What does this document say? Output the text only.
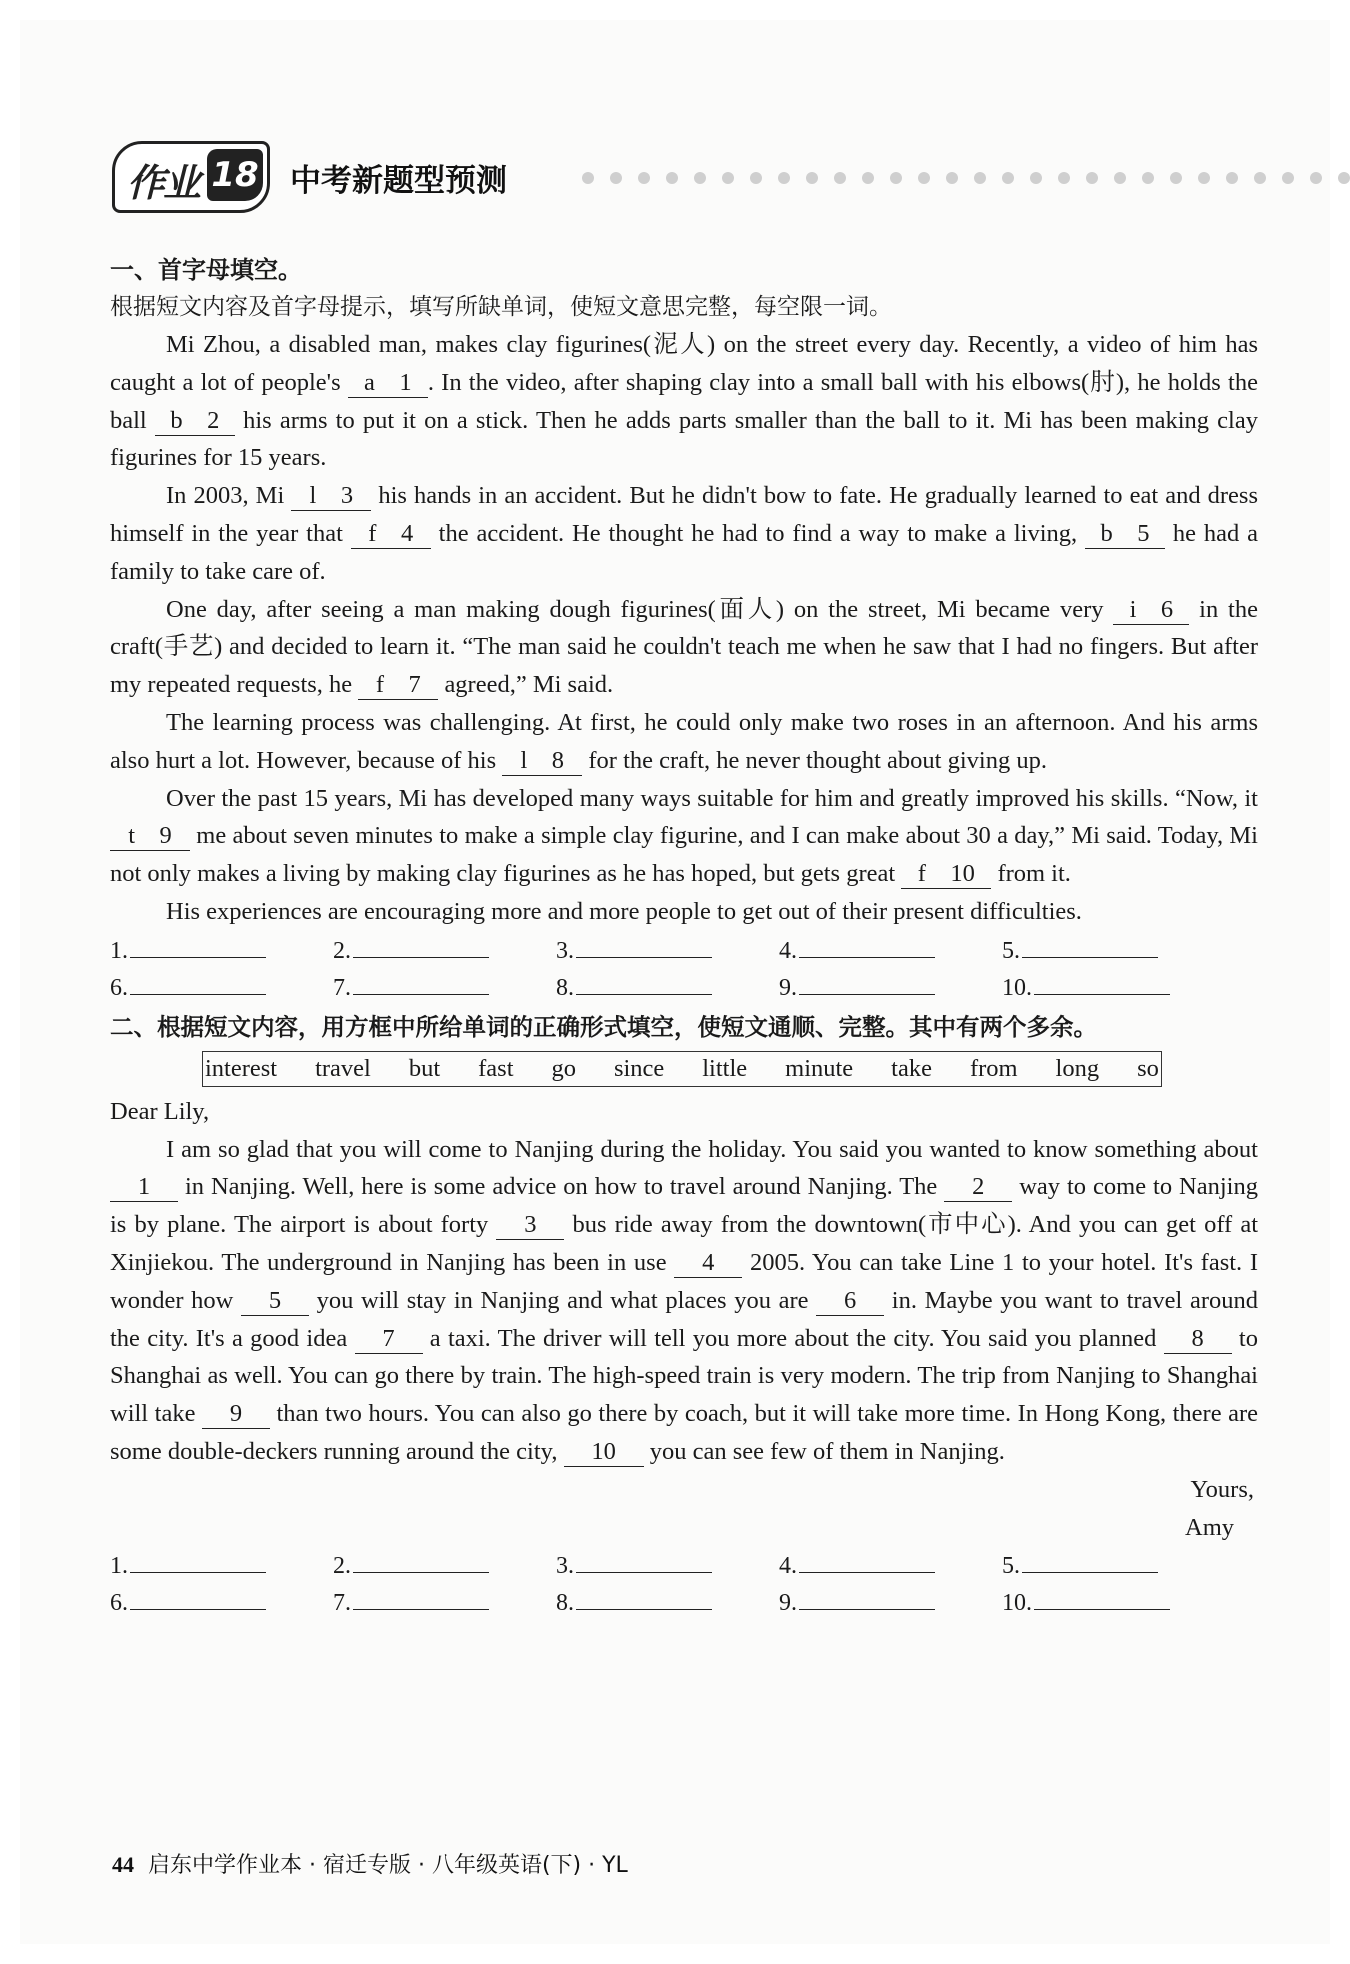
作业 18 中考新题型预测

一、首字母填空。

根据短文内容及首字母提示，填写所缺单词，使短文意思完整，每空限一词。

Mi Zhou, a disabled man, makes clay figurines(泥人) on the street every day. Recently, a video of him has caught a lot of people's a　1 . In the video, after shaping clay into a small ball with his elbows(肘), he holds the ball b　2 his arms to put it on a stick. Then he adds parts smaller than the ball to it. Mi has been making clay figurines for 15 years.

In 2003, Mi l　3 his hands in an accident. But he didn't bow to fate. He gradually learned to eat and dress himself in the year that f　4 the accident. He thought he had to find a way to make a living, b　5 he had a family to take care of.

One day, after seeing a man making dough figurines(面人) on the street, Mi became very i　6 in the craft(手艺) and decided to learn it. “The man said he couldn't teach me when he saw that I had no fingers. But after my repeated requests, he f　7 agreed,” Mi said.

The learning process was challenging. At first, he could only make two roses in an afternoon. And his arms also hurt a lot. However, because of his l　8 for the craft, he never thought about giving up.

Over the past 15 years, Mi has developed many ways suitable for him and greatly improved his skills. “Now, it t　9 me about seven minutes to make a simple clay figurine, and I can make about 30 a day,” Mi said. Today, Mi not only makes a living by making clay figurines as he has hoped, but gets great f　10 from it.

His experiences are encouraging more and more people to get out of their present difficulties.

1.	2.	3.	4.	5.
6.	7.	8.	9.	10.

二、根据短文内容，用方框中所给单词的正确形式填空，使短文通顺、完整。其中有两个多余。

interest travel but fast go since little minute take from long so

Dear Lily,

I am so glad that you will come to Nanjing during the holiday. You said you wanted to know something about 1 in Nanjing. Well, here is some advice on how to travel around Nanjing. The 2 way to come to Nanjing is by plane. The airport is about forty 3 bus ride away from the downtown(市中心). And you can get off at Xinjiekou. The underground in Nanjing has been in use 4 2005. You can take Line 1 to your hotel. It's fast. I wonder how 5 you will stay in Nanjing and what places you are 6 in. Maybe you want to travel around the city. It's a good idea 7 a taxi. The driver will tell you more about the city. You said you planned 8 to Shanghai as well. You can go there by train. The high-speed train is very modern. The trip from Nanjing to Shanghai will take 9 than two hours. You can also go there by coach, but it will take more time. In Hong Kong, there are some double-deckers running around the city, 10 you can see few of them in Nanjing.

Yours,

Amy

1.	2.	3.	4.	5.
6.	7.	8.	9.	10.
44 启东中学作业本 · 宿迁专版 · 八年级英语(下) · YL
